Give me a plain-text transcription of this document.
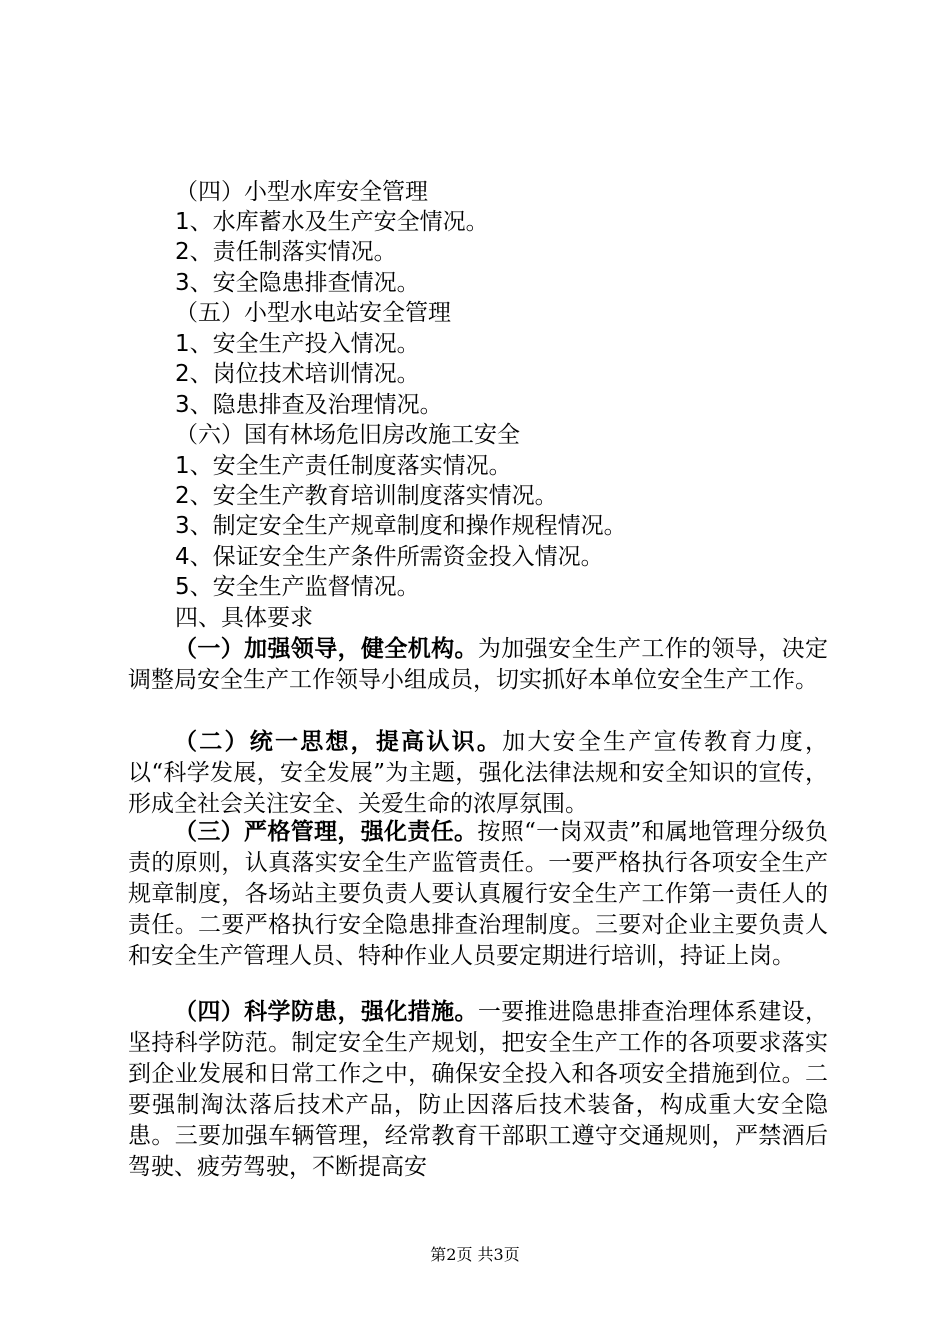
（四）小型水库安全管理
1、水库蓄水及生产安全情况。
2、责任制落实情况。
3、安全隐患排查情况。
（五）小型水电站安全管理
1、安全生产投入情况。
2、岗位技术培训情况。
3、隐患排查及治理情况。
（六）国有林场危旧房改施工安全
1、安全生产责任制度落实情况。
2、安全生产教育培训制度落实情况。
3、制定安全生产规章制度和操作规程情况。
4、保证安全生产条件所需资金投入情况。
5、安全生产监督情况。
四、具体要求

（一）加强领导，健全机构。为加强安全生产工作的领导，决定调整局安全生产工作领导小组成员，切实抓好本单位安全生产工作。

（二）统一思想，提高认识。加大安全生产宣传教育力度，以“科学发展，安全发展”为主题，强化法律法规和安全知识的宣传，形成全社会关注安全、关爱生命的浓厚氛围。

（三）严格管理，强化责任。按照“一岗双责”和属地管理分级负责的原则，认真落实安全生产监管责任。一要严格执行各项安全生产规章制度，各场站主要负责人要认真履行安全生产工作第一责任人的责任。二要严格执行安全隐患排查治理制度。三要对企业主要负责人和安全生产管理人员、特种作业人员要定期进行培训，持证上岗。

（四）科学防患，强化措施。一要推进隐患排查治理体系建设，坚持科学防范。制定安全生产规划，把安全生产工作的各项要求落实到企业发展和日常工作之中，确保安全投入和各项安全措施到位。二要强制淘汰落后技术产品，防止因落后技术装备，构成重大安全隐患。三要加强车辆管理，经常教育干部职工遵守交通规则，严禁酒后驾驶、疲劳驾驶，不断提高安

第2页 共3页
